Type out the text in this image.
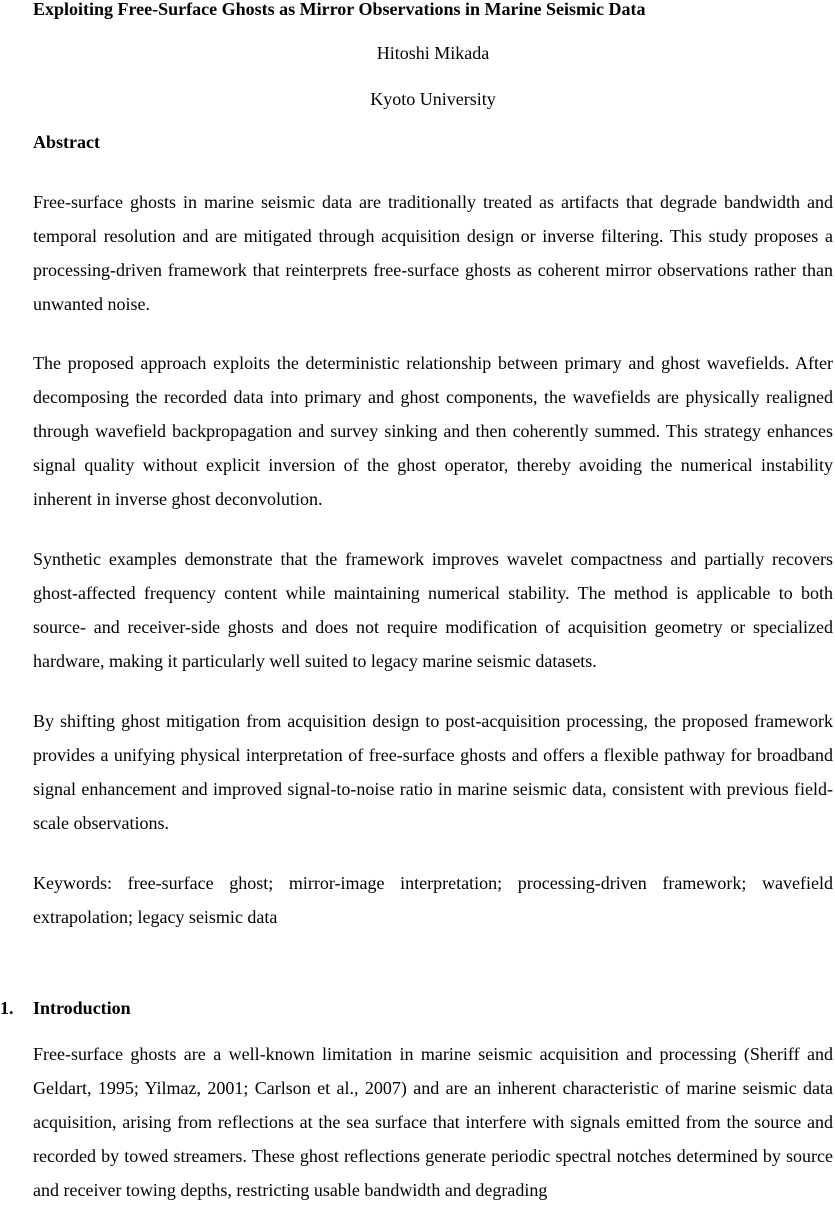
Exploiting Free-Surface Ghosts as Mirror Observations in Marine Seismic Data

Hitoshi Mikada

Kyoto University

Abstract

Free-surface ghosts in marine seismic data are traditionally treated as artifacts that degrade bandwidth and temporal resolution and are mitigated through acquisition design or inverse filtering. This study proposes a processing-driven framework that reinterprets free-surface ghosts as coherent mirror observations rather than unwanted noise.

The proposed approach exploits the deterministic relationship between primary and ghost wavefields. After decomposing the recorded data into primary and ghost components, the wavefields are physically realigned through wavefield backpropagation and survey sinking and then coherently summed. This strategy enhances signal quality without explicit inversion of the ghost operator, thereby avoiding the numerical instability inherent in inverse ghost deconvolution.

Synthetic examples demonstrate that the framework improves wavelet compactness and partially recovers ghost-affected frequency content while maintaining numerical stability. The method is applicable to both source- and receiver-side ghosts and does not require modification of acquisition geometry or specialized hardware, making it particularly well suited to legacy marine seismic datasets.

By shifting ghost mitigation from acquisition design to post-acquisition processing, the proposed framework provides a unifying physical interpretation of free-surface ghosts and offers a flexible pathway for broadband signal enhancement and improved signal-to-noise ratio in marine seismic data, consistent with previous field-scale observations.

Keywords: free-surface ghost; mirror-image interpretation; processing-driven framework; wavefield extrapolation; legacy seismic data

1. Introduction

Free-surface ghosts are a well-known limitation in marine seismic acquisition and processing (Sheriff and Geldart, 1995; Yilmaz, 2001; Carlson et al., 2007) and are an inherent characteristic of marine seismic data acquisition, arising from reflections at the sea surface that interfere with signals emitted from the source and recorded by towed streamers. These ghost reflections generate periodic spectral notches determined by source and receiver towing depths, restricting usable bandwidth and degrading
